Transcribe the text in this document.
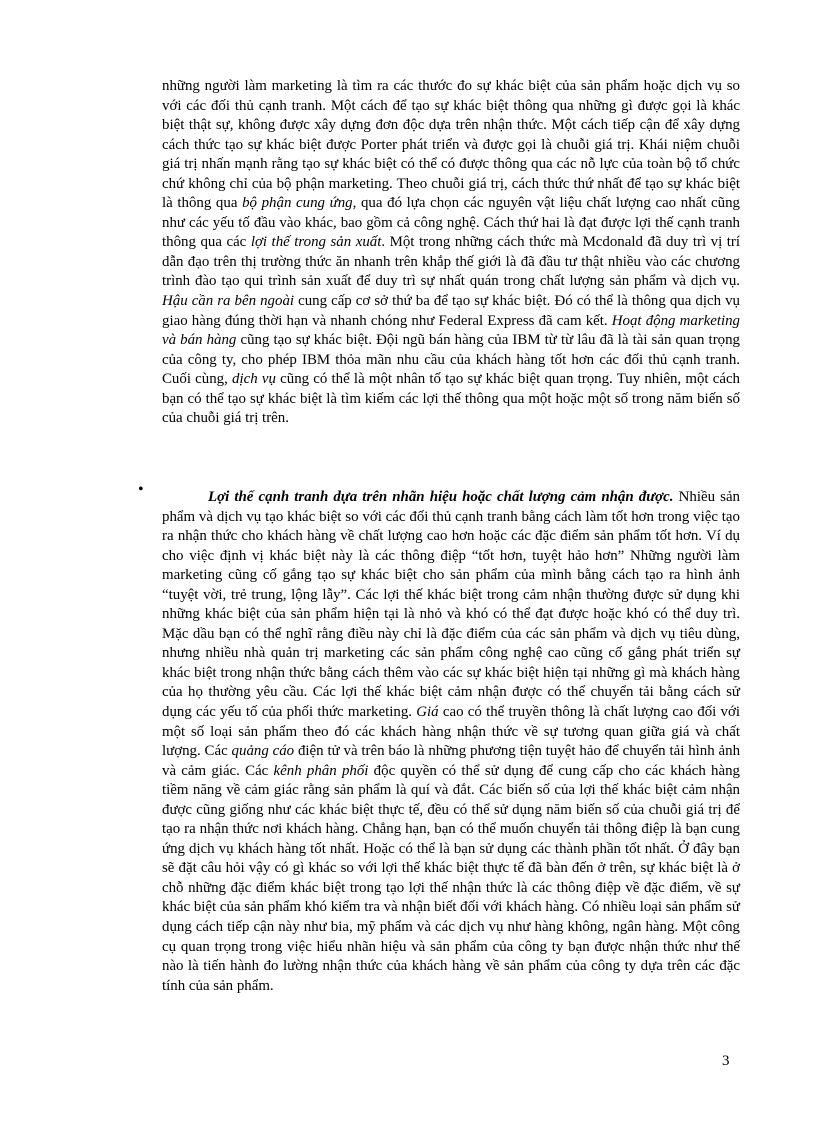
những người làm marketing là tìm ra các thước đo sự khác biệt của sản phẩm hoặc dịch vụ so với các đối thủ cạnh tranh. Một cách để tạo sự khác biệt thông qua những gì được gọi là khác biệt thật sự, không được xây dựng đơn độc dựa trên nhận thức. Một cách tiếp cận để xây dựng cách thức tạo sự khác biệt được Porter phát triển và được gọi là chuỗi giá trị. Khái niệm chuỗi giá trị nhấn mạnh rằng tạo sự khác biệt có thể có được thông qua các nỗ lực của toàn bộ tổ chức chứ không chỉ của bộ phận marketing. Theo chuỗi giá trị, cách thức thứ nhất để tạo sự khác biệt là thông qua bộ phận cung ứng, qua đó lựa chọn các nguyên vật liệu chất lượng cao nhất cũng như các yếu tố đầu vào khác, bao gồm cả công nghệ. Cách thứ hai là đạt được lợi thế cạnh tranh thông qua các lợi thế trong sản xuất. Một trong những cách thức mà Mcdonald đã duy trì vị trí dẫn đạo trên thị trường thức ăn nhanh trên khắp thế giới là đã đầu tư thật nhiều vào các chương trình đào tạo qui trình sản xuất để duy trì sự nhất quán trong chất lượng sản phẩm và dịch vụ. Hậu cần ra bên ngoài cung cấp cơ sở thứ ba để tạo sự khác biệt. Đó có thể là thông qua dịch vụ giao hàng đúng thời hạn và nhanh chóng như Federal Express đã cam kết. Hoạt động marketing và bán hàng cũng tạo sự khác biệt. Đội ngũ bán hàng của IBM từ từ lâu đã là tài sản quan trọng của công ty, cho phép IBM thỏa mãn nhu cầu của khách hàng tốt hơn các đối thủ cạnh tranh. Cuối cùng, dịch vụ cũng có thể là một nhân tố tạo sự khác biệt quan trọng. Tuy nhiên, một cách bạn có thể tạo sự khác biệt là tìm kiếm các lợi thế thông qua một hoặc một số trong năm biến số của chuỗi giá trị trên.

•	Lợi thế cạnh tranh dựa trên nhãn hiệu hoặc chất lượng cảm nhận được. Nhiều sản phẩm và dịch vụ tạo khác biệt so với các đối thủ cạnh tranh bằng cách làm tốt hơn trong việc tạo ra nhận thức cho khách hàng về chất lượng cao hơn hoặc các đặc điểm sản phẩm tốt hơn. Ví dụ cho việc định vị khác biệt này là các thông điệp “tốt hơn, tuyệt hảo hơn” Những người làm marketing cũng cố gắng tạo sự khác biệt cho sản phẩm của mình bằng cách tạo ra hình ảnh “tuyệt vời, trẻ trung, lộng lẫy”. Các lợi thế khác biệt trong cảm nhận thường được sử dụng khi những khác biệt của sản phẩm hiện tại là nhỏ và khó có thể đạt được hoặc khó có thể duy trì. Mặc dầu bạn có thể nghĩ rằng điều này chỉ là đặc điểm của các sản phẩm và dịch vụ tiêu dùng, nhưng nhiều nhà quản trị marketing các sản phẩm công nghệ cao cũng cố gắng phát triển sự khác biệt trong nhận thức bằng cách thêm vào các sự khác biệt hiện tại những gì mà khách hàng của họ thường yêu cầu. Các lợi thế khác biệt cảm nhận được có thể chuyển tải bằng cách sử dụng các yếu tố của phối thức marketing. Giá cao có thể truyền thông là chất lượng cao đối với một số loại sản phẩm theo đó các khách hàng nhận thức về sự tương quan giữa giá và chất lượng. Các quảng cáo điện tử và trên báo là những phương tiện tuyệt hảo để chuyển tải hình ảnh và cảm giác. Các kênh phân phối độc quyền có thể sử dụng để cung cấp cho các khách hàng tiềm năng về cảm giác rằng sản phẩm là quí và đắt. Các biến số của lợi thế khác biệt cảm nhận được cũng giống như các khác biệt thực tế, đều có thể sử dụng năm biến số của chuỗi giá trị để tạo ra nhận thức nơi khách hàng. Chẳng hạn, bạn có thể muốn chuyển tải thông điệp là bạn cung ứng dịch vụ khách hàng tốt nhất. Hoặc có thể là bạn sử dụng các thành phần tốt nhất. Ở đây bạn sẽ đặt câu hỏi vậy có gì khác so với lợi thế khác biệt thực tế đã bàn đến ở trên, sự khác biệt là ở chỗ những đặc điểm khác biệt trong tạo lợi thế nhận thức là các thông điệp về đặc điểm, về sự khác biệt của sản phẩm khó kiểm tra và nhận biết đối với khách hàng. Có nhiều loại sản phẩm sử dụng cách tiếp cận này như bia, mỹ phẩm và các dịch vụ như hàng không, ngân hàng. Một công cụ quan trọng trong việc hiểu nhãn hiệu và sản phẩm của công ty bạn được nhận thức như thế nào là tiến hành đo lường nhận thức của khách hàng về sản phẩm của công ty dựa trên các đặc tính của sản phẩm.

3
